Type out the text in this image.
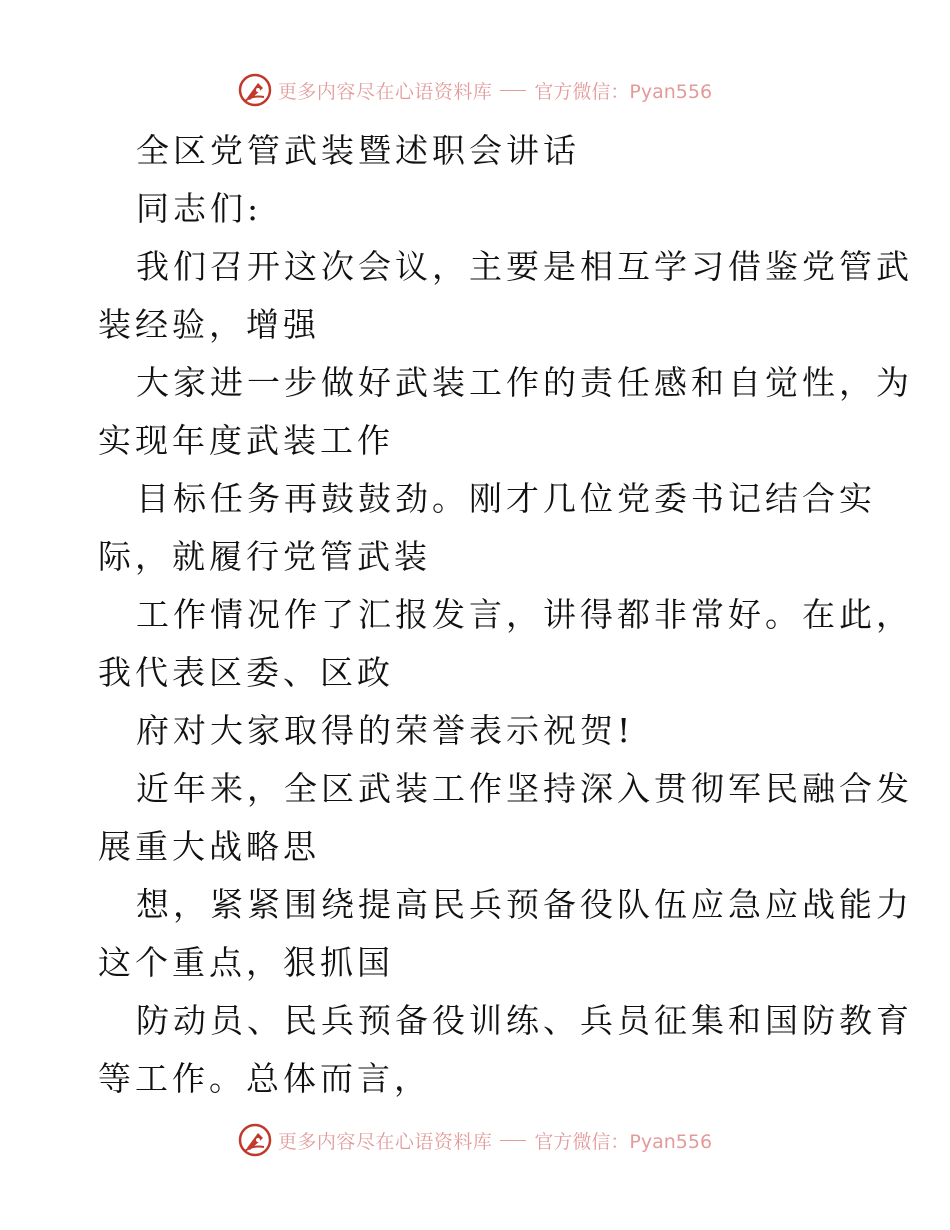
更多内容尽在心语资料库 官方微信：Pyan556
全区党管武装暨述职会讲话
同志们:
我们召开这次会议，主要是相互学习借鉴党管武
装经验，增强
大家进一步做好武装工作的责任感和自觉性，为
实现年度武装工作
目标任务再鼓鼓劲。刚才几位党委书记结合实
际，就履行党管武装
工作情况作了汇报发言，讲得都非常好。在此，
我代表区委、区政
府对大家取得的荣誉表示祝贺!
近年来，全区武装工作坚持深入贯彻军民融合发
展重大战略思
想，紧紧围绕提高民兵预备役队伍应急应战能力
这个重点，狠抓国
防动员、民兵预备役训练、兵员征集和国防教育
等工作。总体而言，
更多内容尽在心语资料库 官方微信：Pyan556
